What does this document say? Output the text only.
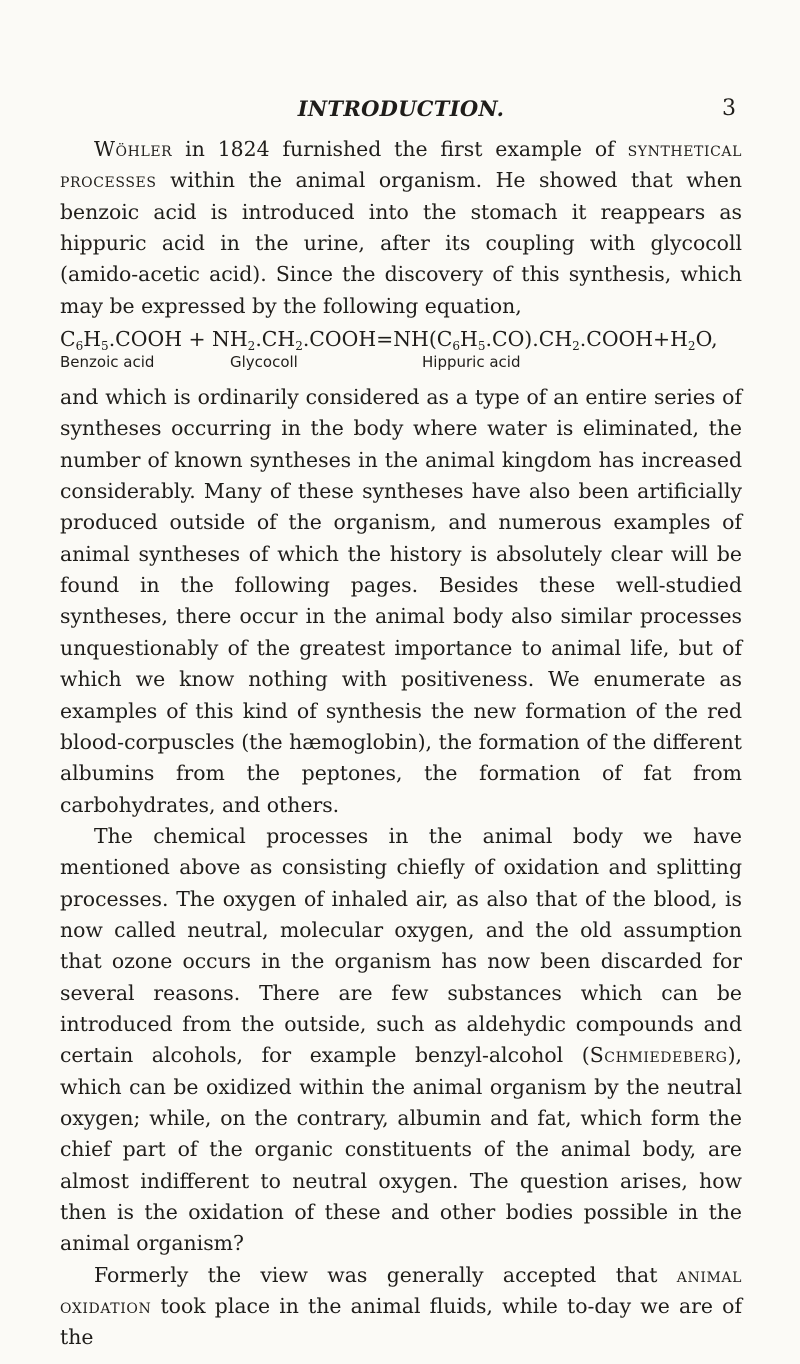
INTRODUCTION.	3

Wöhler in 1824 furnished the first example of synthetical processes within the animal organism. He showed that when benzoic acid is introduced into the stomach it reappears as hippuric acid in the urine, after its coupling with glycocoll (amido-acetic acid). Since the discovery of this synthesis, which may be expressed by the following equation,

$C_6H_5.COOH$ + $NH_2.CH_2.COOH=NH(C_6H_5.CO).CH_2.COOH+H_2O$,
Benzoic acid	Glycocoll	Hippuric acid

and which is ordinarily considered as a type of an entire series of syntheses occurring in the body where water is eliminated, the number of known syntheses in the animal kingdom has increased considerably. Many of these syntheses have also been artificially produced outside of the organism, and numerous examples of animal syntheses of which the history is absolutely clear will be found in the following pages. Besides these well-studied syntheses, there occur in the animal body also similar processes unquestionably of the greatest importance to animal life, but of which we know nothing with positiveness. We enumerate as examples of this kind of synthesis the new formation of the red blood-corpuscles (the hæmoglobin), the formation of the different albumins from the peptones, the formation of fat from carbohydrates, and others.

The chemical processes in the animal body we have mentioned above as consisting chiefly of oxidation and splitting processes. The oxygen of inhaled air, as also that of the blood, is now called neutral, molecular oxygen, and the old assumption that ozone occurs in the organism has now been discarded for several reasons. There are few substances which can be introduced from the outside, such as aldehydic compounds and certain alcohols, for example benzyl-alcohol (Schmiedeberg), which can be oxidized within the animal organism by the neutral oxygen; while, on the contrary, albumin and fat, which form the chief part of the organic constituents of the animal body, are almost indifferent to neutral oxygen. The question arises, how then is the oxidation of these and other bodies possible in the animal organism?

Formerly the view was generally accepted that animal oxidation took place in the animal fluids, while to-day we are of the
